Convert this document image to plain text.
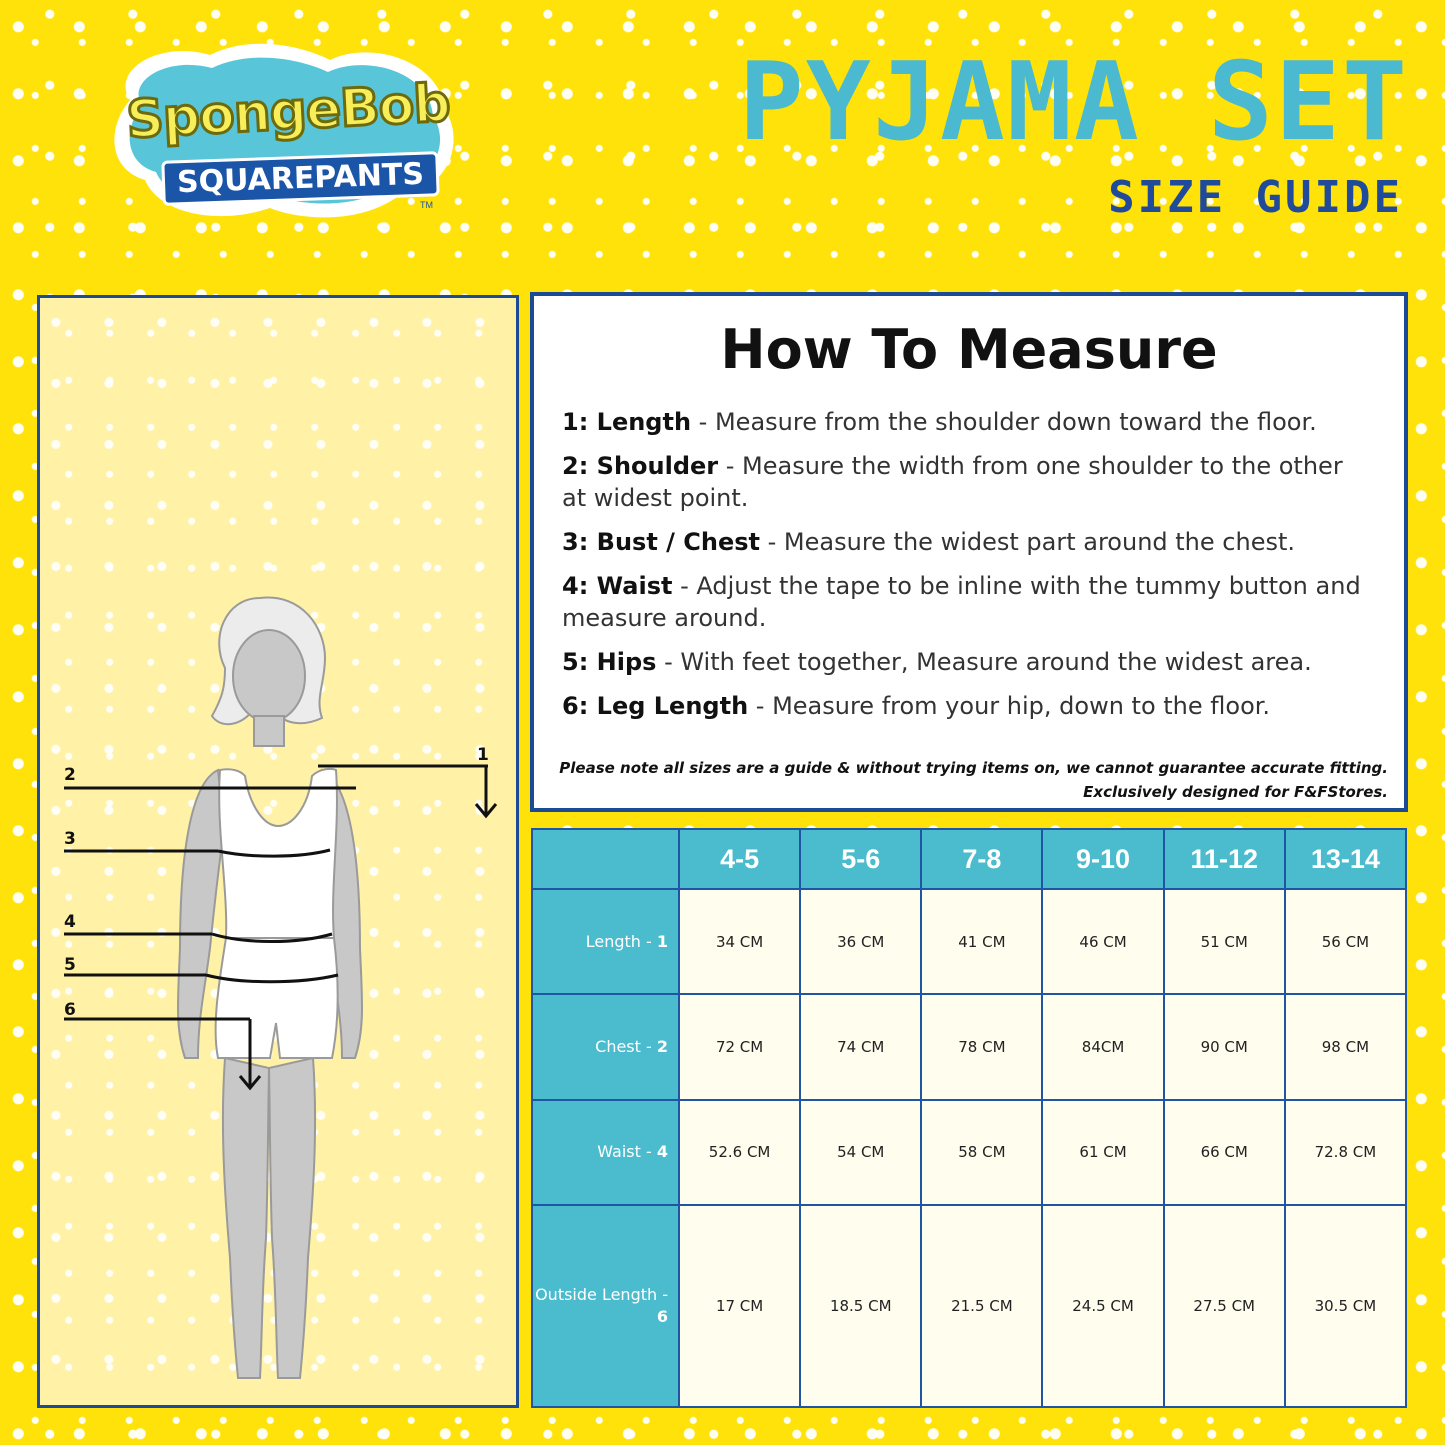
SpongeBob
SQUAREPANTS
TM
PYJAMA SET
SIZE GUIDE
1
2
3
4
5
6
How To Measure

1: Length - Measure from the shoulder down toward the floor.

2: Shoulder - Measure the width from one shoulder to the other at widest point.

3: Bust / Chest - Measure the widest part around the chest.

4: Waist - Adjust the tape to be inline with the tummy button and measure around.

5: Hips - With feet together, Measure around the widest area.

6: Leg Length - Measure from your hip, down to the floor.

Please note all sizes are a guide & without trying items on, we cannot guarantee accurate fitting.
Exclusively designed for F&FStores.
	4-5	5-6	7-8	9-10	11-12	13-14
Length - 1	34 CM	36 CM	41 CM	46 CM	51 CM	56 CM
Chest - 2	72 CM	74 CM	78 CM	84CM	90 CM	98 CM
Waist - 4	52.6 CM	54 CM	58 CM	61 CM	66 CM	72.8 CM
Outside Length - 6	17 CM	18.5 CM	21.5 CM	24.5 CM	27.5 CM	30.5 CM
